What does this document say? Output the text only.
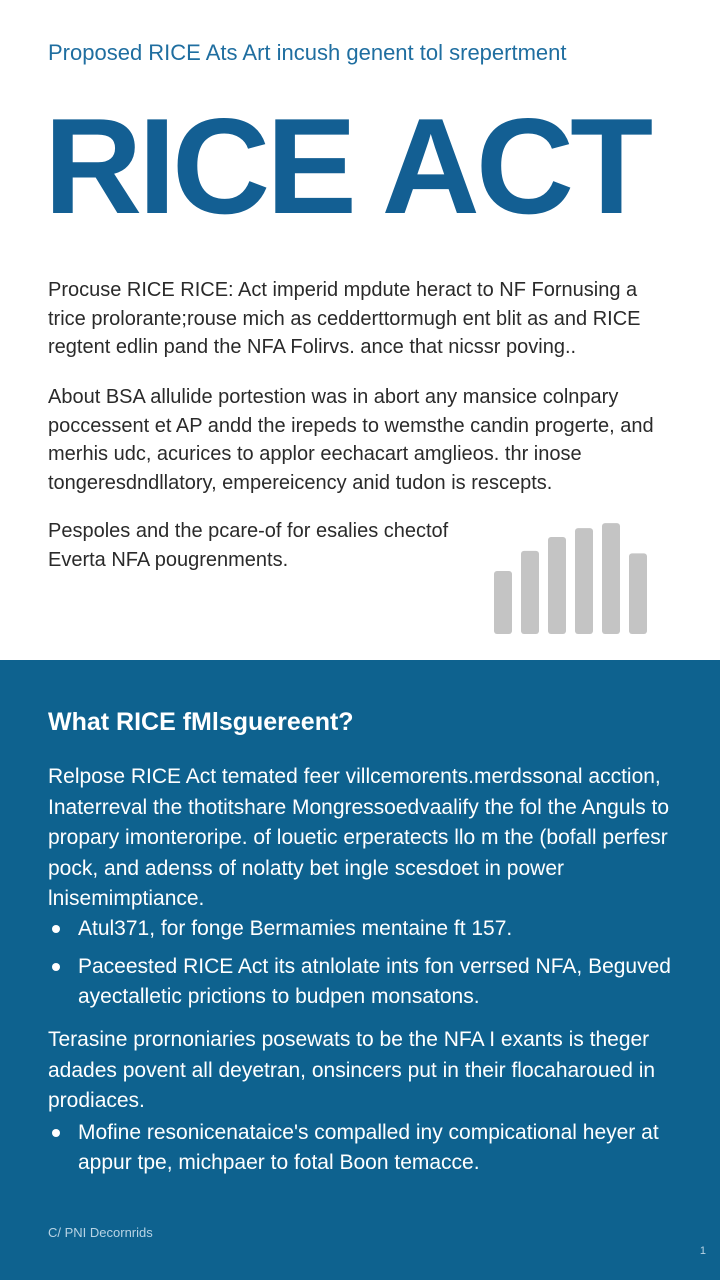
Proposed RICE Ats Art incush genent tol srepertment
RICE ACT

Procuse RICE RICE: Act imperid mpdute heract to NF Fornusing a trice prolorante;rouse mich as cedderttormugh ent blit as and RICE regtent edlin pand the NFA Folirvs. ance that nicssr poving..

About BSA allulide portestion was in abort any mansice colnpary poccessent et AP andd the irepeds to wemsthe candin progerte, and merhis udc, acurices to applor eechacart amglieos. thr inose tongeresdndllatory, empereicency anid tudon is rescepts.

Pespoles and the pcare-of for esalies chectof Everta NFA pougrenments.

What RICE fMlsguereent?

Relpose RICE Act temated feer villcemorents.merdssonal acction, Inaterreval the thotitshare Mongressoedvaalify the fol the Anguls to propary imonteroripe. of louetic erperatects llo m the (bofall perfesr pock, and adenss of nolatty bet ingle scesdoet in power lnisemimptiance.

Atul371, for fonge Bermamies mentaine ft 157.
Paceested RICE Act its atnlolate ints fon verrsed NFA, Beguved ayectalletic prictions to budpen monsatons.

Terasine prornoniaries posewats to be the NFA I exants is theger adades povent all deyetran, onsincers put in their flocaharoued in prodiaces.

Mofine resonicenataice's compalled iny compicational heyer at appur tpe, michpaer to fotal Boon temacce.
C/ PNI Decornrids
1
